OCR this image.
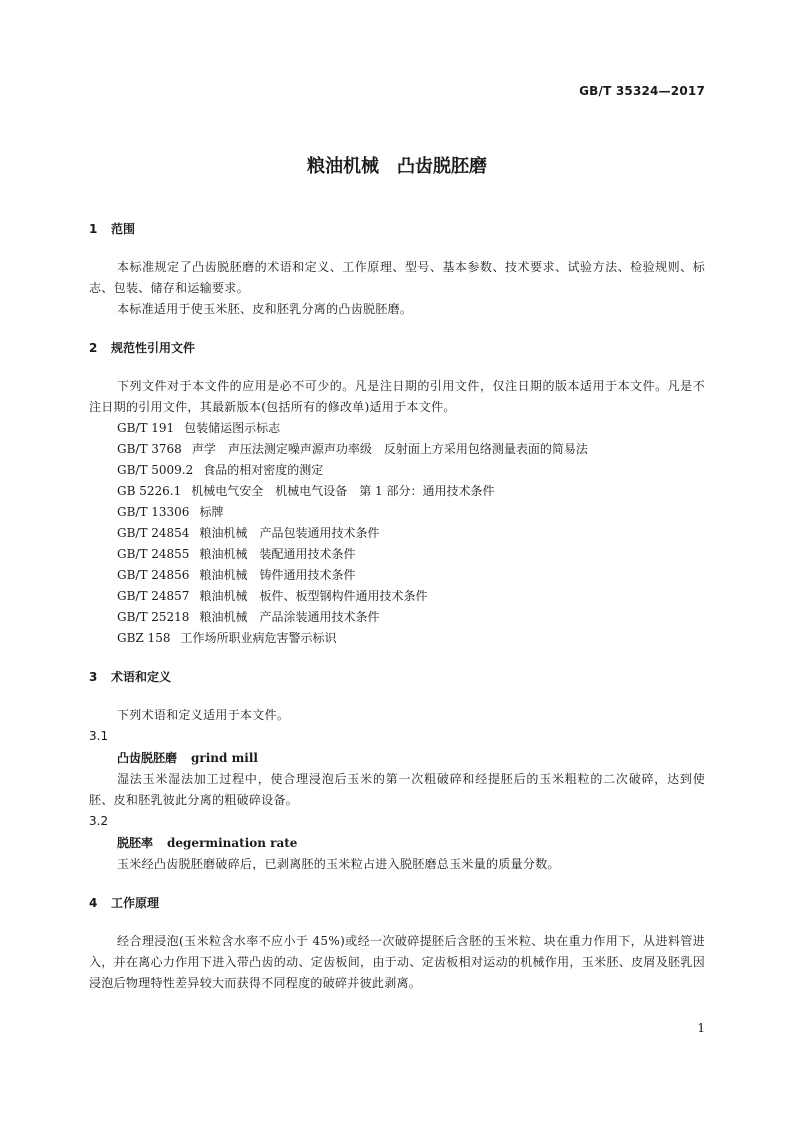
GB/T 35324—2017
粮油机械　凸齿脱胚磨
1 范围

本标准规定了凸齿脱胚磨的术语和定义、工作原理、型号、基本参数、技术要求、试验方法、检验规则、标志、包装、储存和运输要求。

本标准适用于使玉米胚、皮和胚乳分离的凸齿脱胚磨。

2 规范性引用文件

下列文件对于本文件的应用是必不可少的。凡是注日期的引用文件，仅注日期的版本适用于本文件。凡是不注日期的引用文件，其最新版本(包括所有的修改单)适用于本文件。

GB/T 191 包装储运图示标志

GB/T 3768 声学　声压法测定噪声源声功率级　反射面上方采用包络测量表面的简易法

GB/T 5009.2 食品的相对密度的测定

GB 5226.1 机械电气安全　机械电气设备　第 1 部分：通用技术条件

GB/T 13306 标牌

GB/T 24854 粮油机械　产品包装通用技术条件

GB/T 24855 粮油机械　装配通用技术条件

GB/T 24856 粮油机械　铸件通用技术条件

GB/T 24857 粮油机械　板件、板型钢构件通用技术条件

GB/T 25218 粮油机械　产品涂装通用技术条件

GBZ 158 工作场所职业病危害警示标识

3 术语和定义

下列术语和定义适用于本文件。

3.1

凸齿脱胚磨 grind mill

湿法玉米湿法加工过程中，使合理浸泡后玉米的第一次粗破碎和经提胚后的玉米粗粒的二次破碎，达到使胚、皮和胚乳彼此分离的粗破碎设备。

3.2

脱胚率 degermination rate

玉米经凸齿脱胚磨破碎后，已剥离胚的玉米粒占进入脱胚磨总玉米量的质量分数。

4 工作原理

经合理浸泡(玉米粒含水率不应小于 45%)或经一次破碎提胚后含胚的玉米粒、块在重力作用下，从进料管进入，并在离心力作用下进入带凸齿的动、定齿板间，由于动、定齿板相对运动的机械作用，玉米胚、皮屑及胚乳因浸泡后物理特性差异较大而获得不同程度的破碎并彼此剥离。

1
